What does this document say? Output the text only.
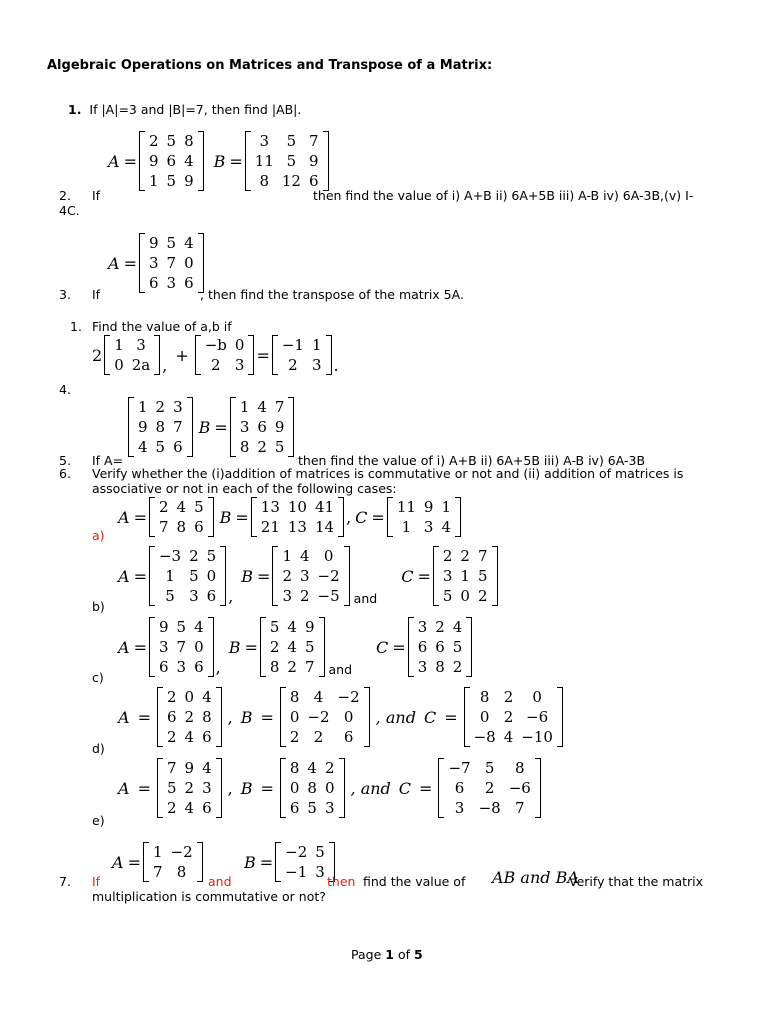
Algebraic Operations on Matrices and Transpose of a Matrix:
1. If |A|=3 and |B|=7, then find |AB|.
A =
2	5	8
9	6	4
1	5	9
B =
3	5	7
11	5	9
8	12	6
2. If	then find the value of i) A+B ii) 6A+5B iii) A-B iv) 6A-3B,(v) I-
4C.
A =
9	5	4
3	7	0
6	3	6
3. If	, then find the transpose of the matrix 5A.
1. Find the value of a,b if
2
1	3
0	2a ,
+
−b	0
2	3
=
−1	1
2	3 .
4.
1	2	3
9	8	7
4	5	6
B =
1	4	7
3	6	9
8	2	5
5. If A=	then find the value of i) A+B ii) 6A+5B iii) A-B iv) 6A-3B
6. Verify whether the (i)addition of matrices is commutative or not and (ii) addition of matrices is
associative or not in each of the following cases:
A =
2	4	5
7	8	6
B =
13	10	41
21	13	14
, C =
11	9	1
1	3	4
a)
A =
−3	2	5
1	5	0
5	3	6 ,
B =
1	4	0
2	3	−2
3	2	−5 and
C =
2	2	7
3	1	5
5	0	2
b)
A =
9	5	4
3	7	0
6	3	6 ,
B =
5	4	9
2	4	5
8	2	7 and
C =
3	2	4
6	6	5
3	8	2
c)
A =
2	0	4
6	2	8
2	4	6
, B =
8	4	−2
0	−2	0
2	2	6
, and C =
8	2	0
0	2	−6
−8	4	−10
d)
A =
7	9	4
5	2	3
2	4	6
, B =
8	4	2
0	8	0
6	5	3
, and C =
−7	5	8
6	2	−6
3	−8	7
e)
A =
1	−2
7	8
B =
−2	5
−1	3
7. If	and	then find the value of AB and BA
Verify that the matrix
multiplication is commutative or not?
Page 1 of 5
